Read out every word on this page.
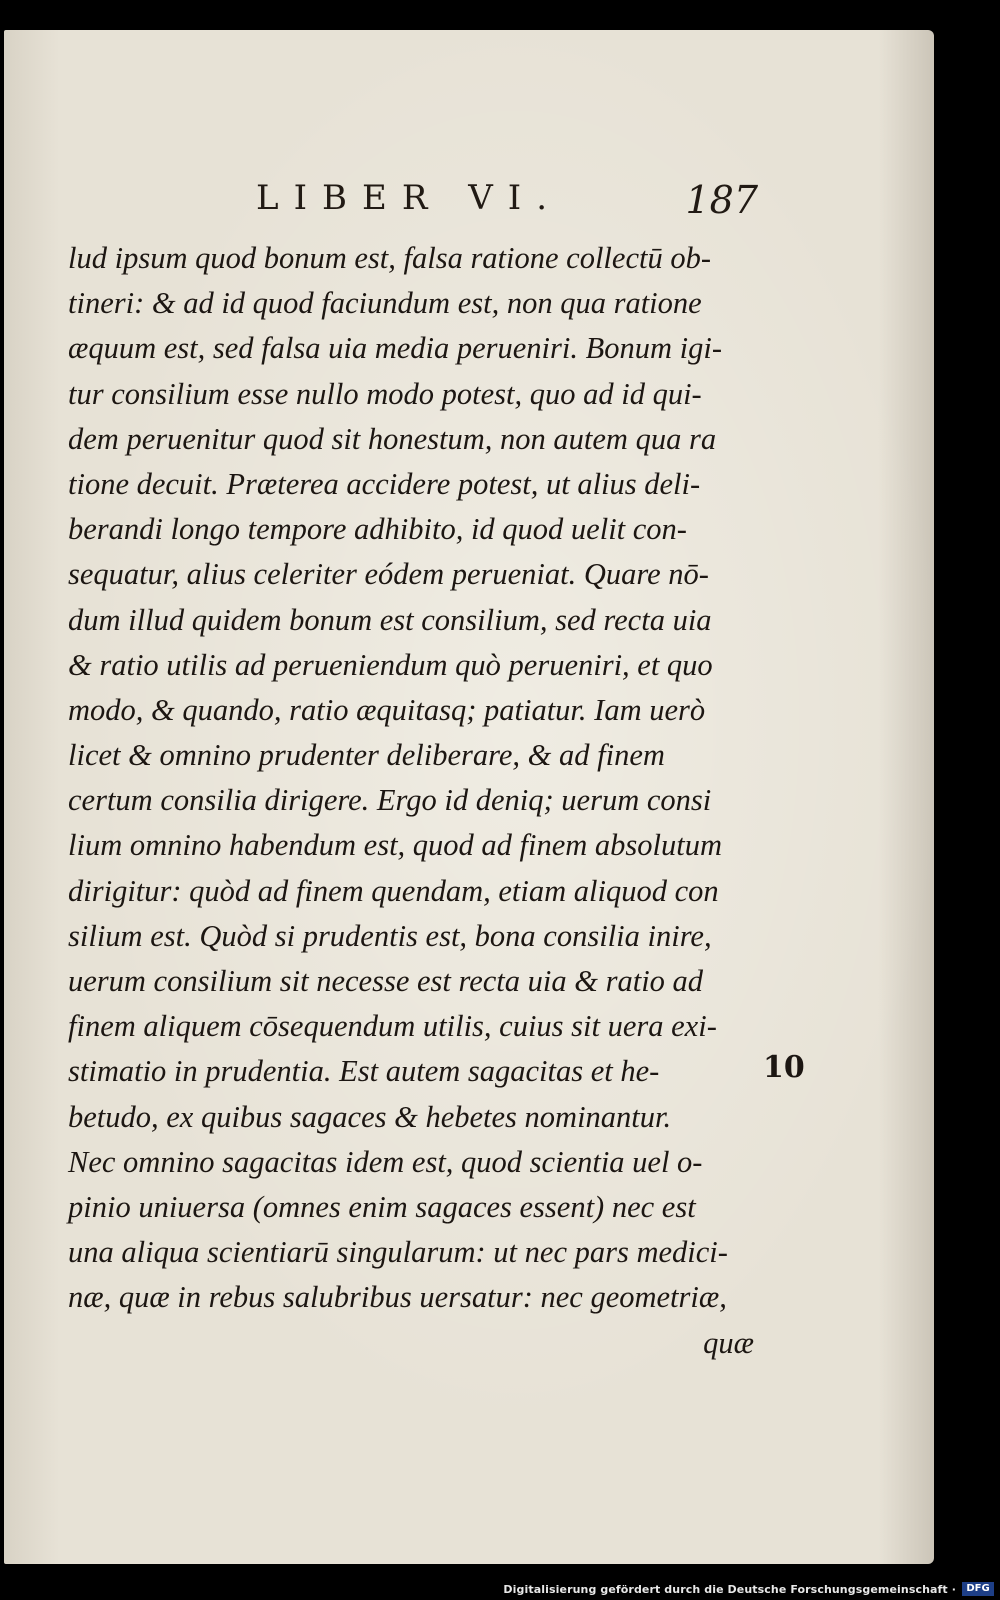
LIBER VI.	187
lud ipsum quod bonum est, falsa ratione collectū ob-
tineri: & ad id quod faciundum est, non qua ratione
æquum est, sed falsa uia media perueniri. Bonum igi-
tur consilium esse nullo modo potest, quo ad id qui-
dem peruenitur quod sit honestum, non autem qua ra
tione decuit. Præterea accidere potest, ut alius deli-
berandi longo tempore adhibito, id quod uelit con-
sequatur, alius celeriter eódem perueniat. Quare nō-
dum illud quidem bonum est consilium, sed recta uia
& ratio utilis ad perueniendum quò perueniri, et quo
modo, & quando, ratio æquitasq; patiatur. Iam uerò
licet & omnino prudenter deliberare, & ad finem
certum consilia dirigere. Ergo id deniq; uerum consi
lium omnino habendum est, quod ad finem absolutum
dirigitur: quòd ad finem quendam, etiam aliquod con
silium est. Quòd si prudentis est, bona consilia inire,
uerum consilium sit necesse est recta uia & ratio ad
finem aliquem cōsequendum utilis, cuius sit uera exi-
stimatio in prudentia. Est autem sagacitas et he-
betudo, ex quibus sagaces & hebetes nominantur.
Nec omnino sagacitas idem est, quod scientia uel o-
pinio uniuersa (omnes enim sagaces essent) nec est
una aliqua scientiarū singularum: ut nec pars medici-
næ, quæ in rebus salubribus uersatur: nec geometriæ,
quæ
10
Digitalisierung gefördert durch die Deutsche Forschungsgemeinschaft ·	DFG
